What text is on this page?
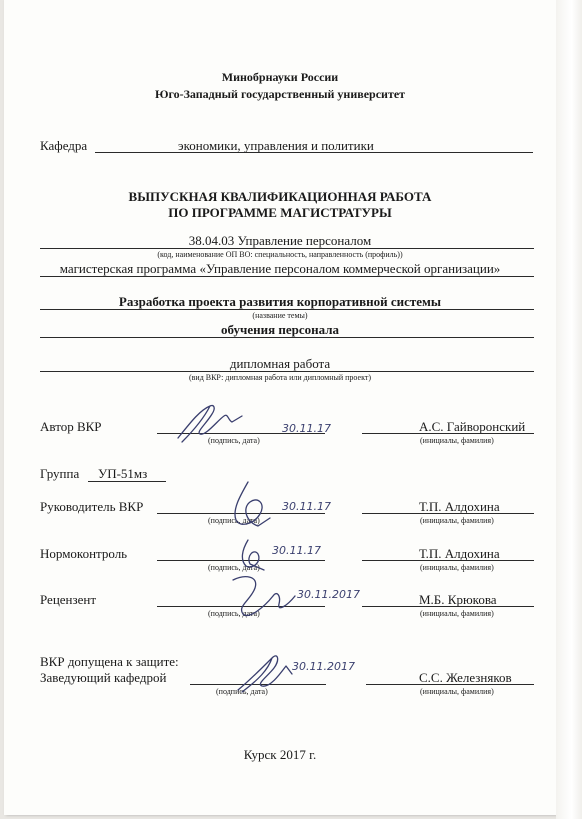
Минобрнауки России
Юго-Западный государственный университет
Кафедра	экономики, управления и политики
ВЫПУСКНАЯ КВАЛИФИКАЦИОННАЯ РАБОТА
ПО ПРОГРАММЕ МАГИСТРАТУРЫ
38.04.03 Управление персоналом
(код, наименование ОП ВО: специальность, направленность (профиль))
магистерская программа «Управление персоналом коммерческой организации»
Разработка проекта развития корпоративной системы
(название темы)
обучения персонала
дипломная работа
(вид ВКР: дипломная работа или дипломный проект)
Автор ВКР
(подпись, дата)
А.С. Гайворонский
(инициалы, фамилия)
30.11.17
Группа УП-51мз
Руководитель ВКР
(подпись, дата)
Т.П. Алдохина
(инициалы, фамилия)
30.11.17
Нормоконтроль
(подпись, дата)
Т.П. Алдохина
(инициалы, фамилия)
30.11.17
Рецензент
(подпись, дата)
М.Б. Крюкова
(инициалы, фамилия)
30.11.2017
ВКР допущена к защите:
Заведующий кафедрой
(подпись, дата)
С.С. Железняков
(инициалы, фамилия)
30.11.2017
Курск 2017 г.
